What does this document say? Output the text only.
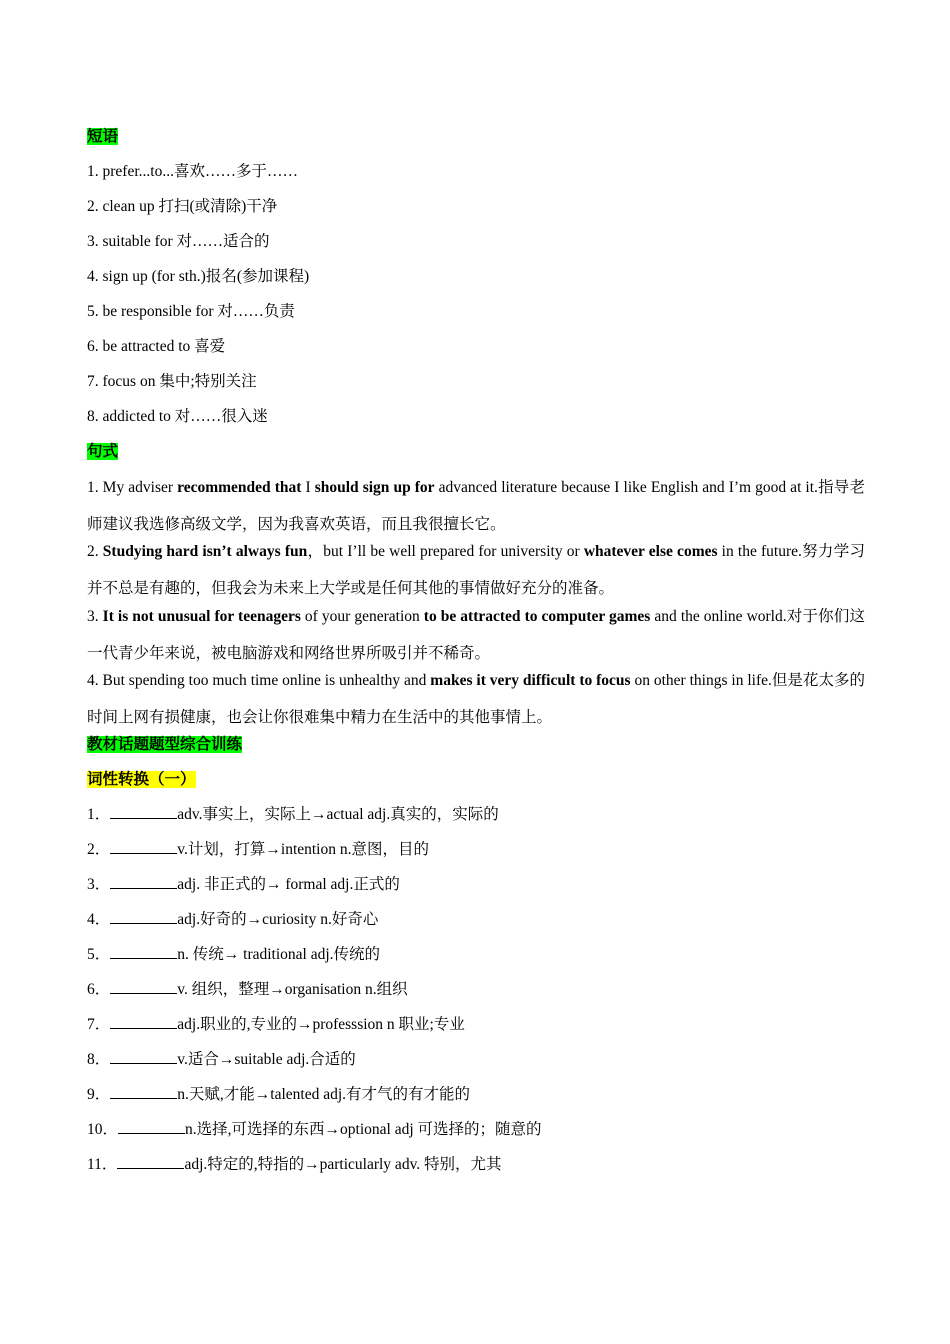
短语
1. prefer...to...喜欢……多于……
2. clean up 打扫(或清除)干净
3. suitable for 对……适合的
4. sign up (for sth.)报名(参加课程)
5. be responsible for 对……负责
6. be attracted to 喜爱
7. focus on 集中;特别关注
8. addicted to 对……很入迷
句式
1. My adviser recommended that I should sign up for advanced literature because I like English and I’m good at it.指导老师建议我选修高级文学，因为我喜欢英语，而且我很擅长它。
2. Studying hard isn’t always fun，but I’ll be well prepared for university or whatever else comes in the future.努力学习并不总是有趣的，但我会为未来上大学或是任何其他的事情做好充分的准备。
3. It is not unusual for teenagers of your generation to be attracted to computer games and the online world.对于你们这一代青少年来说，被电脑游戏和网络世界所吸引并不稀奇。
4. But spending too much time online is unhealthy and makes it very difficult to focus on other things in life.但是花太多的时间上网有损健康，也会让你很难集中精力在生活中的其他事情上。
教材话题题型综合训练
词性转换（一）
1．	adv.事实上，实际上→actual adj.真实的，实际的
2．	v.计划，打算→intention n.意图，目的
3．	adj. 非正式的→ formal adj.正式的
4．	adj.好奇的→curiosity n.好奇心
5．	n. 传统→ traditional adj.传统的
6．	v. 组织，整理→organisation n.组织
7．	adj.职业的,专业的→professsion n 职业;专业
8．	v.适合→suitable adj.合适的
9．	n.天赋,才能→talented adj.有才气的有才能的
10．	n.选择,可选择的东西→optional adj 可选择的；随意的
11．	adj.特定的,特指的→particularly adv. 特别，尤其
